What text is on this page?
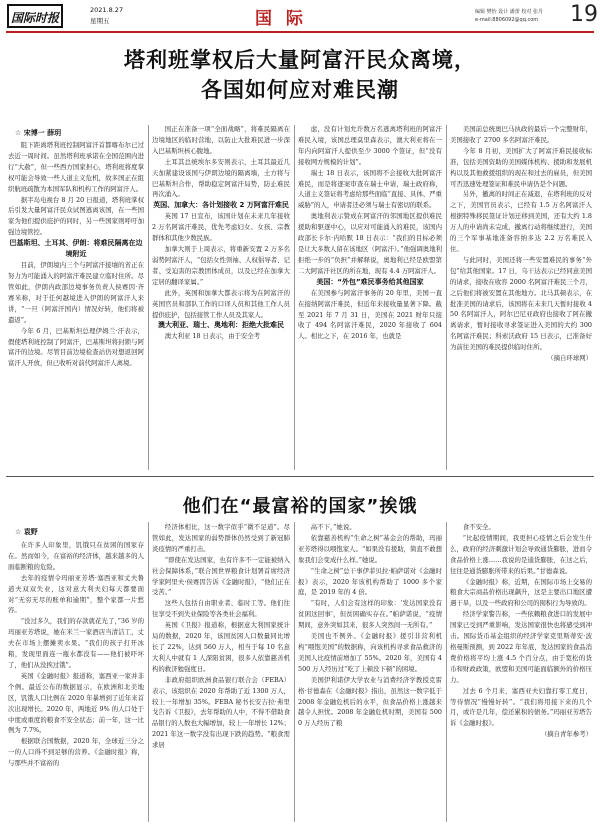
国际时报
2021.8.27
星期五	国 际	编辑 樊怡 设计 潘蕾 校对 张丹
e-mail:8806092@qq.com 19
塔利班掌权后大量阿富汗民众离境，
各国如何应对难民潮
☆ 宋博一 薛玥

阻下距离塔利班控制阿富汗首都喀布尔已过去近一周时间。虽然塔利班承诺在全国范围内进行“大赦”，但一些西方国家担心，塔利班将度掌权可能会导致一些人道主义危机，故多国正在组织航班疏散为本国军队和机构工作的阿富汗人。

据半岛电视台 8 月 20 日报道，塔利班掌权后引发大量阿富汗民众试图逃离该国，在一些国家为他们提供庇护的同时，另一些国家则呼吁加强边境管控。

巴基斯坦、土耳其、伊朗：将难民隔离在边境附近

目前，伊朗境内三个与阿富汗接壤的省正在努力为可能涌入的阿富汗难民建立临时住所。尽管如此，伊朗内政部边境事务负责人侯赛因·齐赛米称，对于任何越境进入伊朗的阿富汗人来讲，“一旦（阿富汗国内）情况好转，他们将被遣返”。

今年 6 月，巴基斯坦总理伊姆兰·汗表示，假使塔利班控制了阿富汗，巴基斯坦将封锁与阿富汗的边境。尽管目前边境检查站仍对想返回阿富汗人开放，但已收听对前代阿富汗人离境。

国正在准备一项“全面战略”，将难民隔离在边境地区的临时营地，以防止大批难民进一步深入巴基斯坦核心腹地。

土耳其总统埃尔多安则表示，土耳其最近几天加紧建设该国与伊朗边境的隔离墙，土方将与巴基斯坦合作，帮助稳定阿富汗局势，防止难民再次涌入。

英国、加拿大：各计划接收 2 万阿富汗难民

英国 17 日宣布，该国计划在未来几年接收 2 万名阿富汗难民，优先考虑妇女、女孩、宗教群体和其他少数民族。

加拿大则于上周表示，将重新安置 2 万多名弱势阿富汗人，“包括女性领袖、人权倡导者、记者、受迫害的宗教团体成员，以及已经在加拿大定居的翻译家属。”

此外，英国和加拿大都表示将为在阿富汗的英国官员和部队工作的口译人员和其他工作人员提供庇护，包括接管工作人员及其家人。

澳大利亚、瑞士、奥地利：拒绝大批难民

澳大利亚 18 日表示，由于安全考

虑，没有计划允许数万名逃离塔利班的阿富汗难民入境，该国总理莫里森表示，澳大利亚将在一年内向阿富汗人提供至少 3000 个签证，但“没有接收网方规模的计划”。

瑞士 18 日表示，该国将不会接收大批阿富汗难民，而是将逐案审查在瑞士申请，瑞士政府称，人道主义签证将考虑给那些面临“直接、具体、严重威胁”的人，申请者还必须与瑞士有密切的联系。

奥地利表示赞成在阿富汗的邻国地区提供难民援助和驱逐中心，以应对可能涌入的难民，该国内政部长卡尔·内哈默 18 日表示：“我们的目标必须是让大多数人留在该地区（阿富汗）。”他强调奥地利拒绝一步的“负担”并解释说，奥地利已经是欧盟第二大阿富汗社区的所在地，现有 4.4 万阿富汗人。

美国：“外包”难民事务给其他国家

在美国参与阿富汗事务的 20 年里，美国一直在接纳阿富汗难民，但近年来接收量显著下降。截至 2021 年 7 月 31 日，美国在 2021 财年只接收了 494 名阿富汗难民，2020 年接收了 604 人。相比之下，在 2016 年，也就是

美国前总统奥巴马执政的最后一个完整财年，美国接收了 2700 多名阿富汗难民。

今年 8 月初，美国扩大了阿富汗难民接收标准，包括美国资助的美国媒体机构、援助和发展机构以及其他救援组织的现在和过去的雇员，但美国可否迅速处理签证和难民申请仍是个问题。

另外，撤离的时间正在减退，在塔利班的反对之下，美国官员表示，已经有 1.5 万名阿富汗人根据特殊移民签证计划迁移到美国，还有大约 1.8 万人的申请尚未完成，撤离行动将继续进行，美国的三个军事基地准备容纳多达 2.2 万名难民入住。

与此同时，美国还将一些安置难民的事务“外包”给其他国家。17 日，乌干达表示已经同意美国的请求，接收在收容 2000 名阿富汗难民三个月，之后他们将被安置在其他地方。北马其顿表示，在批准美国的请求后，该国将在未来几天暂时接收 450 名阿富汗人，阿尔巴尼亚政府也接收了阿在撤离请求，暂时接收寻求签证进入美国的大约 300 名阿富汗难民；科索沃政府 15 日表示，已准备好为前往美国的难民提供临时住所。

（摘自环球网）

他们在“最富裕的国家”挨饿
☆ 袁野

在许多人印象里，饥饿只在贫困的国家存在。然而如今，在富裕的经济体，越来越多的人面临断粮的危险。

去年的疫情令玛丽亚芳塔·塞西亚和丈夫鲁道夫双双失业，这对意大利夫妇每天都要面对“无穷无尽的账单和逾期”，整个家都一片愁容。

“没过多久，我们的存款就花光了，”36 岁的玛丽亚芳塔说，她在米兰一家酒店当清洁工，丈夫在市场上摆摊卖水果。“我们的孩子打开冰箱，发现里面连一瓶水都没有——他们被吓坏了，他们从没挨过饿”。

英国《金融时报》报道称，塞西亚一家并非个例。最近公布的数据显示，在欧洲和北美地区，饥饿人口比例在 2020 年暴增到了近年来首次出现增长。2020 年，两地近 9% 的人口处于中度或重度的粮食不安全状态；前一年，这一比例为 7.7%。

根据联合国数据，2020 年，全球近三分之一的人口得不到足够的营养。《金融时报》称，与那些并不富裕的

经济体相比，这一数字似乎“微不足道”。尽管如此，发达国家的弱势群体仍然受到了新冠肺炎疫情的严重打击。

“即使在发达国家，也有许多不一定能被纳入社会保障体系，”联合国世界粮食计划署首席经济学家阿里夫·侯赛因告诉《金融时报》，“他们正在受苦。”

这些人包括自由职业者、临时工等。他们往往享受不到失业保险等各类社会福利。

英国《卫报》报道称，根据意大利国家统计局的数据，2020 年，该国贫困人口数量同比增长了 22%，达到 560 万人，相当于每 10 名意大利人中就有 1 人深陷贫困，很多人依靠慈善机构的救济勉强度日。

非政府组织欧洲食品银行联合会（FEBA）表示，该组织在 2020 年帮助了近 1300 万人，较上一年增加 35%。FEBA 秘书长安吉拉·弗里戈告诉《卫报》，去年帮助的人中，不得不借助食品银行的人数也大幅增加，较上一年增长 12%；2021 年这一数字没有出现下跌的趋势。“粮食需求居

高不下，”她说。

依靠慈善机构“生命之树”基金会的帮助，玛丽亚芳塔得以喂饱家人。“如果没有援助，简直不敢想象我们会变成什么样。”她说。

“生命之树”总干事伊菲贝拉·帕萨诺对《金融时报》表示，2020 年该机构帮助了 1000 多个家庭，是 2019 年的 4 倍。

“有时，人们会有这样的印象：‘发达国家没有贫困这回事’，但贫困确实存在。”帕萨诺说，“疫情期间，意外突如其来，很多人突然间一无所有。”

美国也不例外。《金融时报》援引非营利机构“喂饱美国”的数据称，向该机构寻求食品救济的美国人比疫情前增加了 55%。2020 年，美国有 4500 万人经历过“吃了上顿没下顿”的困境。

美国伊利诺伊大学农业与消费经济学教授克雷格·甘德森在《金融时报》指出，虽然这一数字低于 2008 年金融危机后的水平，但食品价格上涨越来越令人担忧。2008 年金融危机时期，美国有 5000 万人经历了粮

食不安全。

“比起疫情期间，我更担心疫情之后会发生什么，政府的经济刺激计划会导致通货膨胀，进而令食品价格上涨……我说的是通货膨胀，在这之后，往往是通货膨胀所带来的后果。”甘德森说。

《金融时报》称，近期，在国际市场上交易的粮食大宗商品价格出现飙升，这是主要出口地区遭遇干旱，以及一些政府和公司的囤积行为导致的。

经济学家警告称，一些依赖粮食进口的发展中国家已受到严重影响，发达国家很快也将感受到冲击。国际货币基金组织的经济学家克里斯蒂安·波格曼斯预测，到 2022 年年底，发达国家的食品消费价格将平均上涨 4.5 个百分点，由于宽松的货币和财政政策，欧盟和美国可能面临额外的价格压力。

过去 6 个月来，塞西亚夫妇靠打零工度日，等待情况“慢慢好转”。“我们将用接下来的几个月，或许是几年，偿还累积的债务。”玛丽亚芳塔告诉《金融时报》。

（摘自青年参考）
